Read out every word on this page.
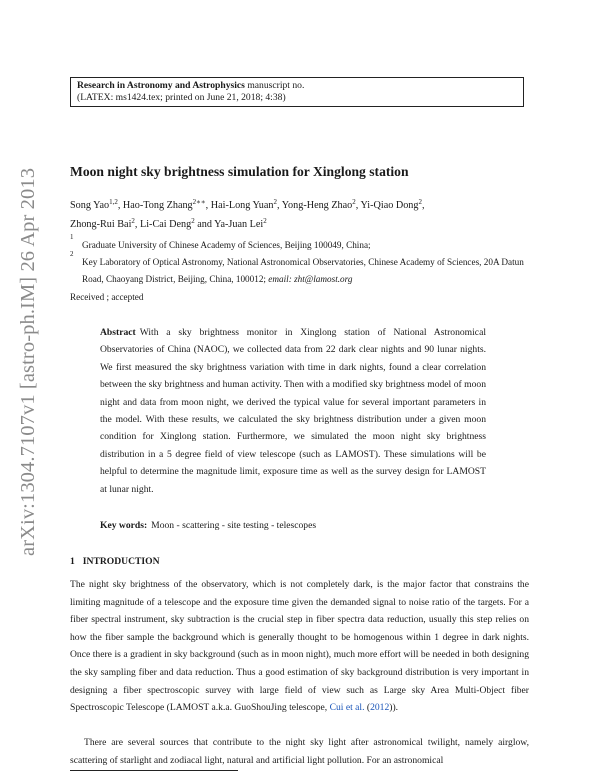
arXiv:1304.7107v1 [astro-ph.IM] 26 Apr 2013
Research in Astronomy and Astrophysics manuscript no.
(LATEX: ms1424.tex; printed on June 21, 2018; 4:38)
Moon night sky brightness simulation for Xinglong station
Song Yao$^{1,2}$, Hao-Tong Zhang$^{2∗∗}$, Hai-Long Yuan$^2$, Yong-Heng Zhao$^2$, Yi-Qiao Dong$^2$,
Zhong-Rui Bai$^2$, Li-Cai Deng$^2$ and Ya-Juan Lei$^2$
1
Graduate University of Chinese Academy of Sciences, Beijing 100049, China;
2
Key Laboratory of Optical Astronomy, National Astronomical Observatories, Chinese Academy of Sciences, 20A Datun Road, Chaoyang District, Beijing, China, 100012; email: zht@lamost.org
Received ; accepted
Abstract With a sky brightness monitor in Xinglong station of National Astronomical Observatories of China (NAOC), we collected data from 22 dark clear nights and 90 lunar nights. We first measured the sky brightness variation with time in dark nights, found a clear correlation between the sky brightness and human activity. Then with a modified sky brightness model of moon night and data from moon night, we derived the typical value for several important parameters in the model. With these results, we calculated the sky brightness distribution under a given moon condition for Xinglong station. Furthermore, we simulated the moon night sky brightness distribution in a 5 degree field of view telescope (such as LAMOST). These simulations will be helpful to determine the magnitude limit, exposure time as well as the survey design for LAMOST at lunar night.
Key words: Moon - scattering - site testing - telescopes
1 INTRODUCTION
The night sky brightness of the observatory, which is not completely dark, is the major factor that constrains the limiting magnitude of a telescope and the exposure time given the demanded signal to noise ratio of the targets. For a fiber spectral instrument, sky subtraction is the crucial step in fiber spectra data reduction, usually this step relies on how the fiber sample the background which is generally thought to be homogenous within 1 degree in dark nights. Once there is a gradient in sky background (such as in moon night), much more effort will be needed in both designing the sky sampling fiber and data reduction. Thus a good estimation of sky background distribution is very important in designing a fiber spectroscopic survey with large field of view such as Large sky Area Multi-Object fiber Spectroscopic Telescope (LAMOST a.k.a. GuoShouJing telescope, Cui et al. (2012)).
There are several sources that contribute to the night sky light after astronomical twilight, namely airglow, scattering of starlight and zodiacal light, natural and artificial light pollution. For an astronomical
